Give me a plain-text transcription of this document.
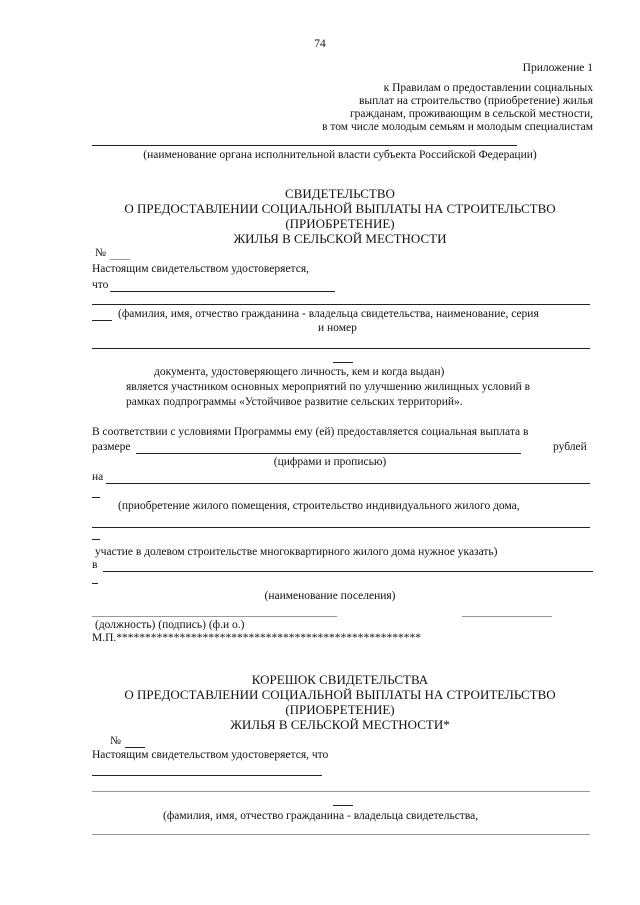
74
Приложение 1
к Правилам о предоставлении социальных
выплат на строительство (приобретение) жилья
гражданам, проживающим в сельской местности,
в том числе молодым семьям и молодым специалистам
(наименование органа исполнительной власти субъекта Российской Федерации)
СВИДЕТЕЛЬСТВО
О ПРЕДОСТАВЛЕНИИ СОЦИАЛЬНОЙ ВЫПЛАТЫ НА СТРОИТЕЛЬСТВО
(ПРИОБРЕТЕНИЕ)
ЖИЛЬЯ В СЕЛЬСКОЙ МЕСТНОСТИ
№
Настоящим свидетельством удостоверяется,
что
(фамилия, имя, отчество гражданина - владельца свидетельства, наименование, серия
и номер
документа, удостоверяющего личность, кем и когда выдан)
является участником основных мероприятий по улучшению жилищных условий в
рамках подпрограммы «Устойчивое развитие сельских территорий».
В соответствии с условиями Программы ему (ей) предоставляется социальная выплата в
размере	рублей
(цифрами и прописью)
на
(приобретение жилого помещения, строительство индивидуального жилого дома,
участие в долевом строительстве многоквартирного жилого дома нужное указать)
в
(наименование поселения)
(должность) (подпись) (ф.и о.)
М.П.*****************************************************
КОРЕШОК СВИДЕТЕЛЬСТВА
О ПРЕДОСТАВЛЕНИИ СОЦИАЛЬНОЙ ВЫПЛАТЫ НА СТРОИТЕЛЬСТВО
(ПРИОБРЕТЕНИЕ)
ЖИЛЬЯ В СЕЛЬСКОЙ МЕСТНОСТИ*
№
Настоящим свидетельством удостоверяется, что
(фамилия, имя, отчество гражданина - владельца свидетельства,
